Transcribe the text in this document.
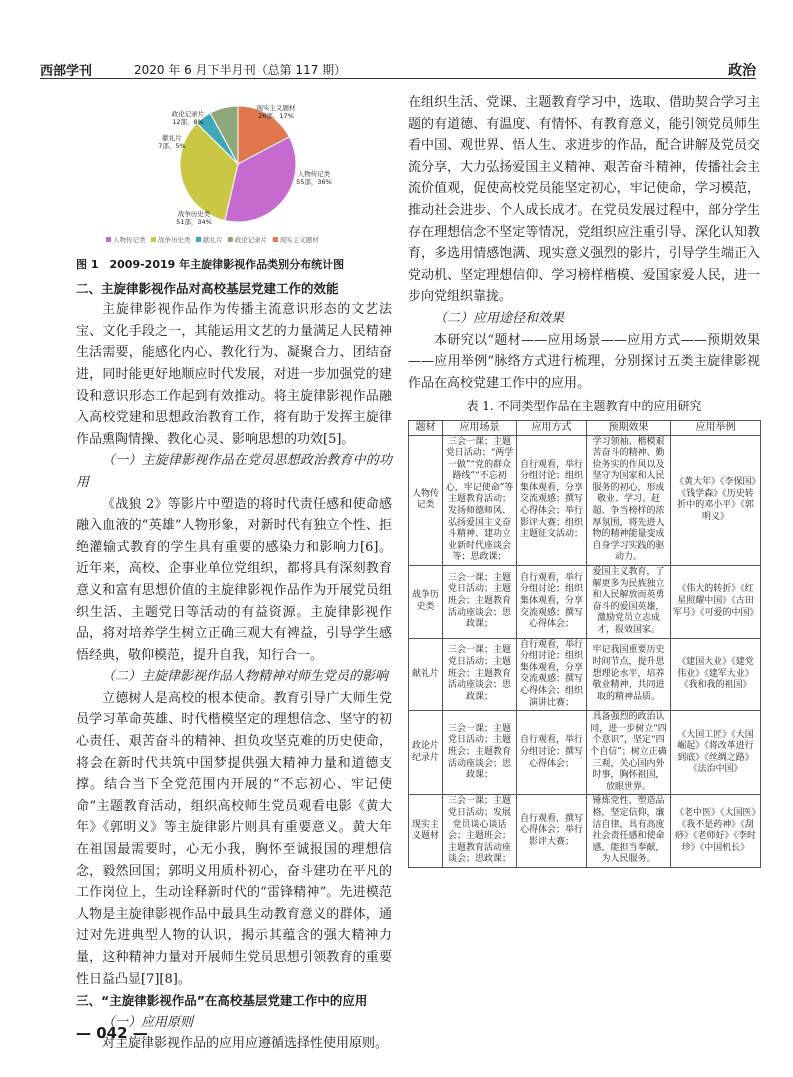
西部学刊	2020 年 6 月下半月刊（总第 117 期）	政治
人物传记类
55部，36%
战争历史类
51部，34%
献礼片
7部，5%
政论记录片
12部，8%
现实主义题材
26部，17%
人物传记类 战争历史类 献礼片 政论记录片 现实主义题材

图 1　2009-2019 年主旋律影视作品类别分布统计图

二、主旋律影视作品对高校基层党建工作的效能

主旋律影视作品作为传播主流意识形态的文艺法宝、文化手段之一，其能运用文艺的力量满足人民精神生活需要，能感化内心、教化行为、凝聚合力、团结奋进，同时能更好地顺应时代发展，对进一步加强党的建设和意识形态工作起到有效推动。将主旋律影视作品融入高校党建和思想政治教育工作，将有助于发挥主旋律作品熏陶情操、教化心灵、影响思想的功效[5]。

（一）主旋律影视作品在党员思想政治教育中的功用

《战狼 2》等影片中塑造的将时代责任感和使命感融入血液的“英雄”人物形象，对新时代有独立个性、拒绝灌输式教育的学生具有重要的感染力和影响力[6]。近年来，高校、企事业单位党组织，都将具有深刻教育意义和富有思想价值的主旋律影视作品作为开展党员组织生活、主题党日等活动的有益资源。主旋律影视作品，将对培养学生树立正确三观大有裨益，引导学生感悟经典，敬仰模范，提升自我，知行合一。

（二）主旋律影视作品人物精神对师生党员的影响

立德树人是高校的根本使命。教育引导广大师生党员学习革命英雄、时代楷模坚定的理想信念、坚守的初心责任、艰苦奋斗的精神、担负攻坚克难的历史使命，将会在新时代共筑中国梦提供强大精神力量和道德支撑。结合当下全党范围内开展的“不忘初心、牢记使命”主题教育活动，组织高校师生党员观看电影《黄大年》《郭明义》等主旋律影片则具有重要意义。黄大年在祖国最需要时，心无小我，胸怀至诚报国的理想信念，毅然回国；郭明义用质朴初心，奋斗建功在平凡的工作岗位上，生动诠释新时代的“雷锋精神”。先进模范人物是主旋律影视作品中最具生动教育意义的群体，通过对先进典型人物的认识，揭示其蕴含的强大精神力量，这种精神力量对开展师生党员思想引领教育的重要性日益凸显[7][8]。

三、“主旋律影视作品”在高校基层党建工作中的应用

（一）应用原则

对主旋律影视作品的应用应遵循选择性使用原则。

在组织生活、党课、主题教育学习中，选取、借助契合学习主题的有道德、有温度、有情怀、有教育意义，能引领党员师生看中国、观世界、悟人生、求进步的作品，配合讲解及党员交流分享，大力弘扬爱国主义精神、艰苦奋斗精神，传播社会主流价值观，促使高校党员能坚定初心，牢记使命，学习模范，推动社会进步、个人成长成才。在党员发展过程中，部分学生存在理想信念不坚定等情况，党组织应注重引导、深化认知教育，多选用情感饱满、现实意义强烈的影片，引导学生端正入党动机、坚定理想信仰、学习榜样楷模、爱国家爱人民，进一步向党组织靠拢。

（二）应用途径和效果

本研究以“题材——应用场景——应用方式——预期效果——应用举例”脉络方式进行梳理，分别探讨五类主旋律影视作品在高校党建工作中的应用。

表 1. 不同类型作品在主题教育中的应用研究

题材	应用场景	应用方式	预期效果	应用举例
人物传记类	三会一课；主题党日活动；“两学一做”“党的群众路线”“不忘初心，牢记使命”等主题教育活动；发扬师德师风、弘扬爱国主义奋斗精神、建功立业新时代座谈会等；思政课；	自行观看，举行分组讨论；组织集体观看，分享交流观感；撰写心得体会；举行影评大赛；组织主题征文活动；	学习领袖、楷模艰苦奋斗的精神、勤俭务实的作风以及坚守为国家和人民服务的初心，形成敬业、学习、赶超、争当榜样的浓厚氛围，将先进人物的精神能量变成自身学习实践的驱动力。	《黄大年》《李保国》《钱学森》《历史转折中的邓小平》《郭明义》
战争历史类	三会一课；主题党日活动；主题班会；主题教育活动座谈会；思政课；	自行观看，举行分组讨论；组织集体观看，分享交流观感；撰写心得体会；	爱国主义教育，了解更多为民族独立和人民解放而英勇奋斗的爱国英雄，激励党员立志成才，报效国家。	《伟大的转折》《红星照耀中国》《古田军号》《可爱的中国》
献礼片	三会一课；主题党日活动；主题班会；主题教育活动座谈会；思政课；	自行观看，举行分组讨论；组织集体观看，分享交流观感；撰写心得体会；组织演讲比赛；	牢记我国重要历史时间节点，提升思想理论水平，培养敬业精神、共同进取的精神品质。	《建国大业》《建党伟业》《建军大业》《我和我的祖国》
政论片纪录片	三会一课；主题党日活动；主题班会；主题教育活动座谈会；思政课；	自行观看，举行分组讨论；撰写心得体会；	具备强烈的政治认同，进一步树立“四个意识”，坚定“四个自信”；树立正确三观，关心国内外时事，胸怀祖国，放眼世界。	《大国工匠》《大国崛起》《将改革进行到底》《丝绸之路》《法治中国》
现实主义题材	三会一课；主题党日活动；发展党员谈心谈话会；主题班会；主题教育活动座谈会；思政课；	自行观看，撰写心得体会；举行影评大赛；	锤炼党性、塑造品格，坚定信仰，廉洁自律，具有高度社会责任感和使命感，能担当奉献，为人民服务。	《老中医》《大国医》《我不是药神》《刮痧》《老师好》《李时珍》《中国机长》
— 042 —
